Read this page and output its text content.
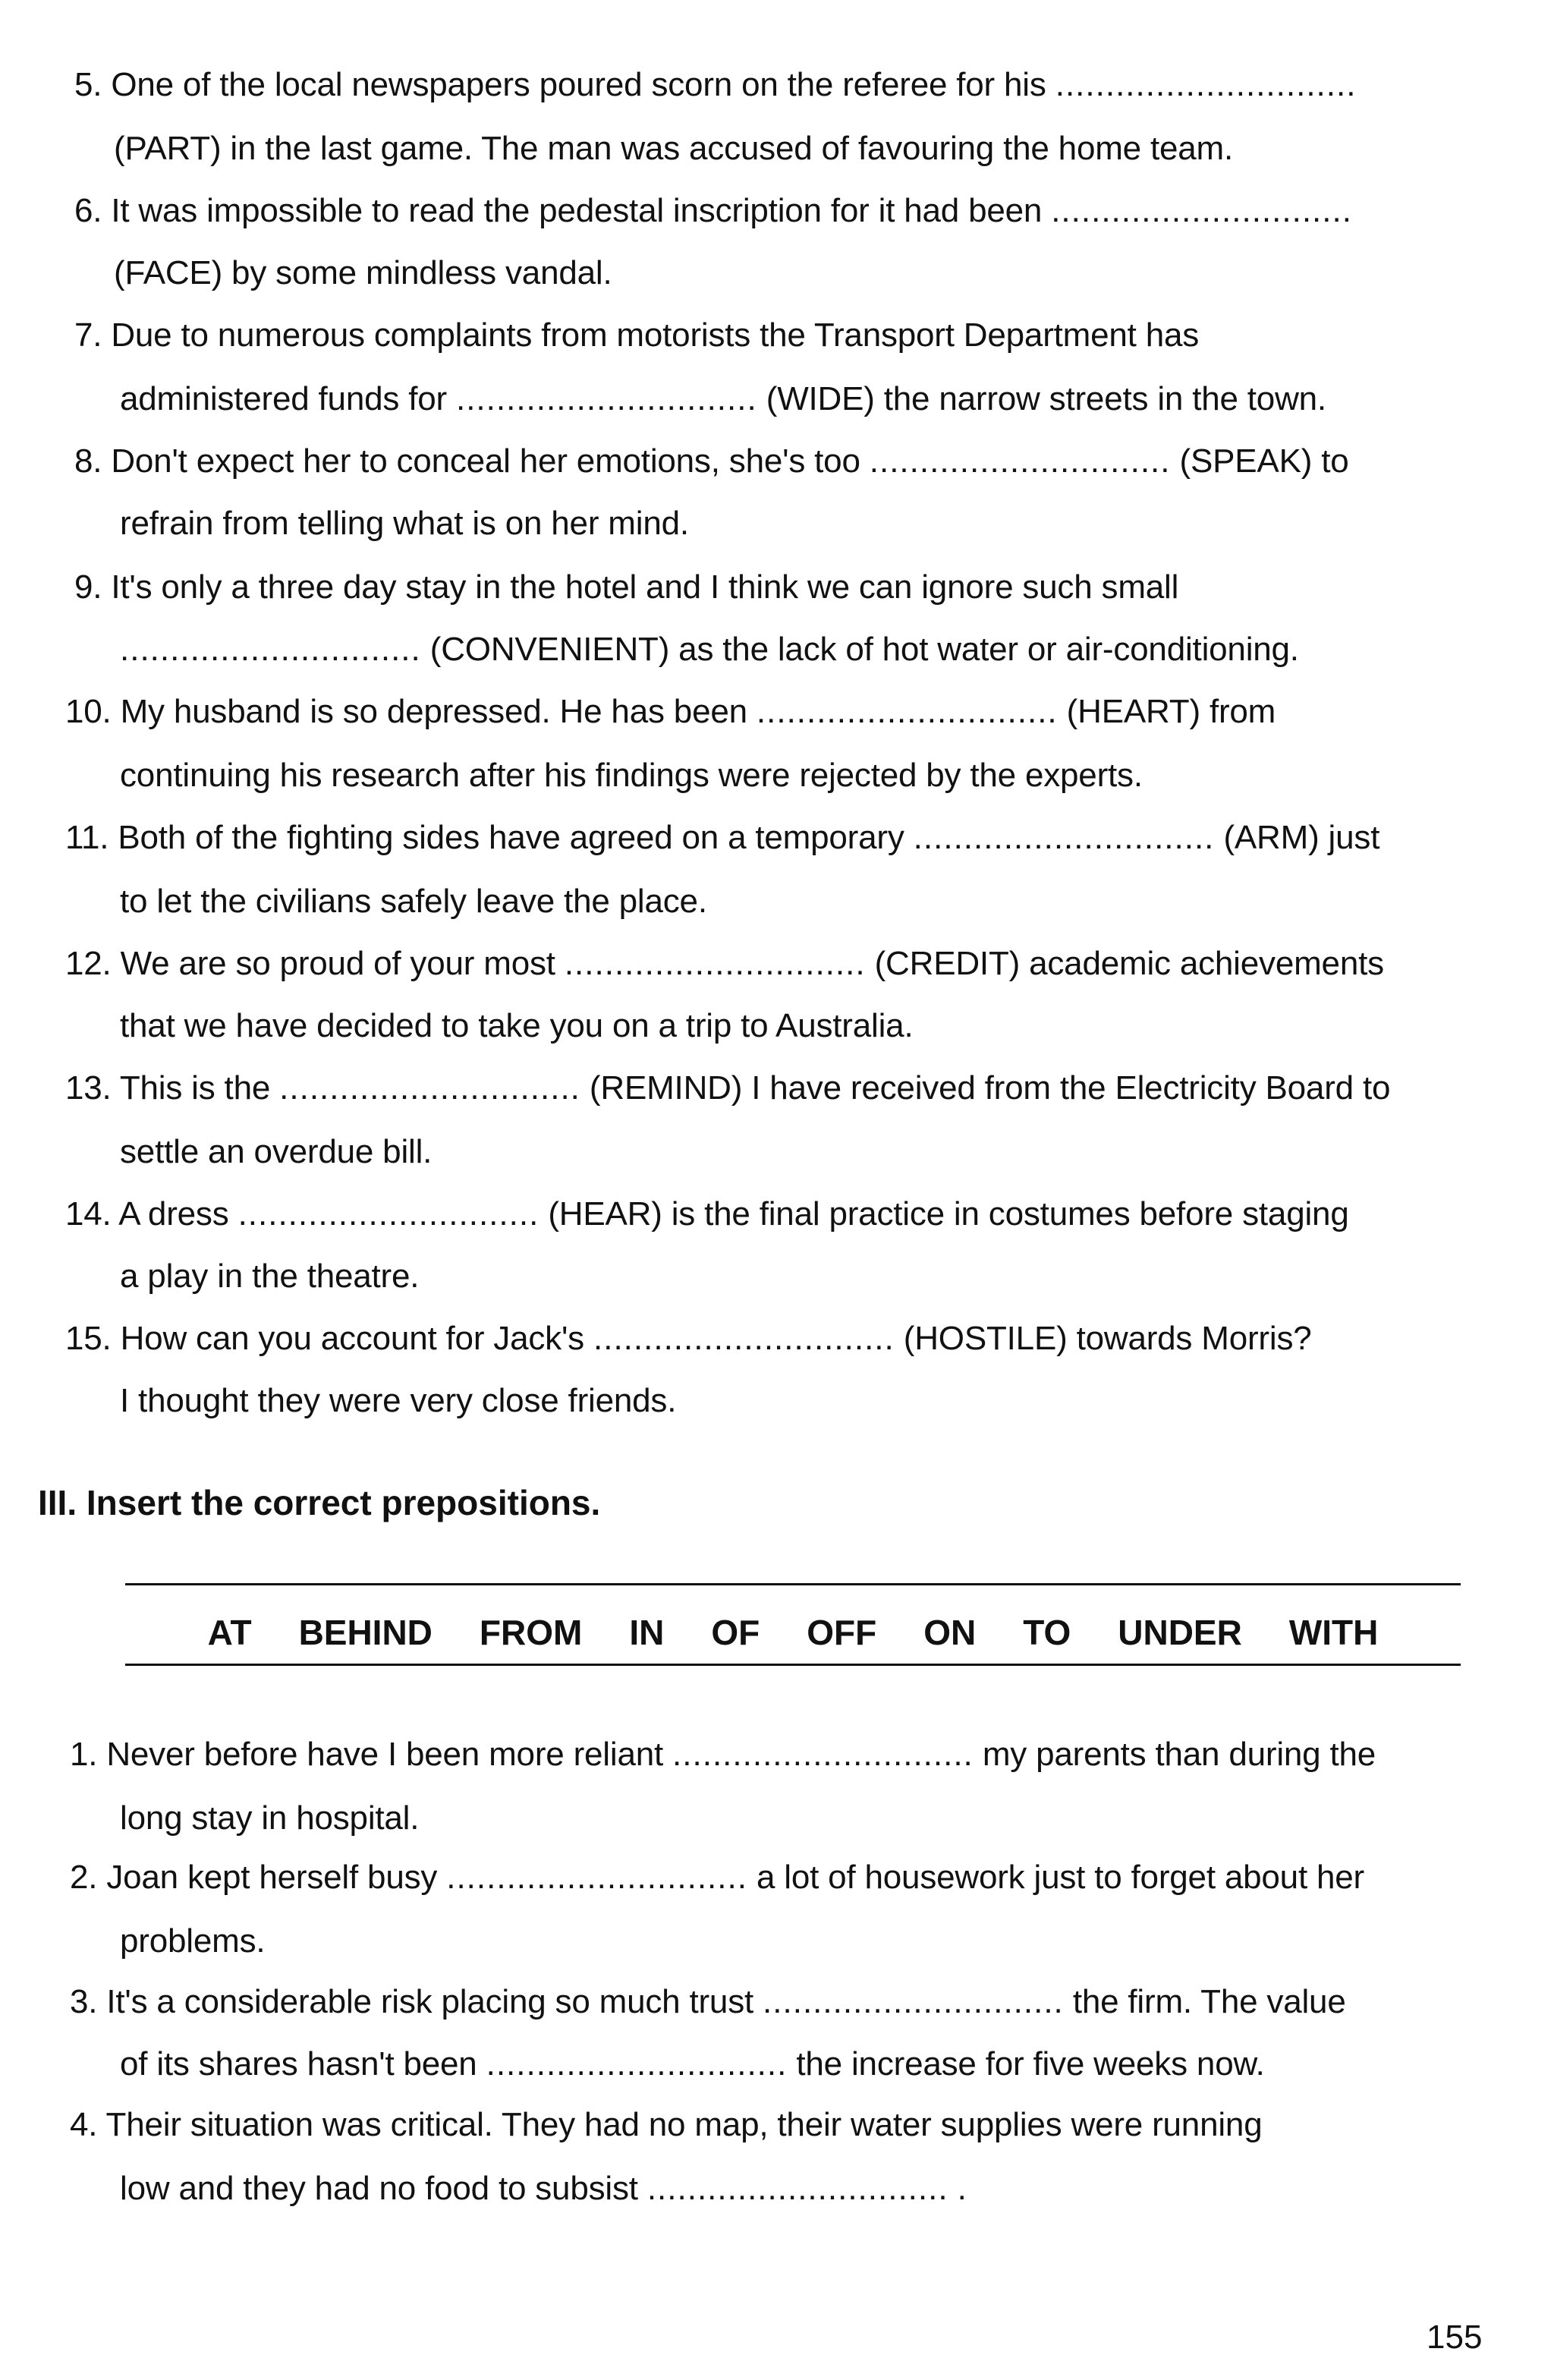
5. One of the local newspapers poured scorn on the referee for his ..............................
(PART) in the last game. The man was accused of favouring the home team.
6. It was impossible to read the pedestal inscription for it had been ..............................
(FACE) by some mindless vandal.
7. Due to numerous complaints from motorists the Transport Department has
administered funds for .............................. (WIDE) the narrow streets in the town.
8. Don't expect her to conceal her emotions, she's too .............................. (SPEAK) to
refrain from telling what is on her mind.
9. It's only a three day stay in the hotel and I think we can ignore such small
.............................. (CONVENIENT) as the lack of hot water or air-conditioning.
10. My husband is so depressed. He has been .............................. (HEART) from
continuing his research after his findings were rejected by the experts.
11. Both of the fighting sides have agreed on a temporary .............................. (ARM) just
to let the civilians safely leave the place.
12. We are so proud of your most .............................. (CREDIT) academic achievements
that we have decided to take you on a trip to Australia.
13. This is the .............................. (REMIND) I have received from the Electricity Board to
settle an overdue bill.
14. A dress .............................. (HEAR) is the final practice in costumes before staging
a play in the theatre.
15. How can you account for Jack's .............................. (HOSTILE) towards Morris?
I thought they were very close friends.
III. Insert the correct prepositions.
AT BEHIND FROM IN OF OFF ON TO UNDER WITH
1. Never before have I been more reliant .............................. my parents than during the
long stay in hospital.
2. Joan kept herself busy .............................. a lot of housework just to forget about her
problems.
3. It's a considerable risk placing so much trust .............................. the firm. The value
of its shares hasn't been .............................. the increase for five weeks now.
4. Their situation was critical. They had no map, their water supplies were running
low and they had no food to subsist .............................. .
155
